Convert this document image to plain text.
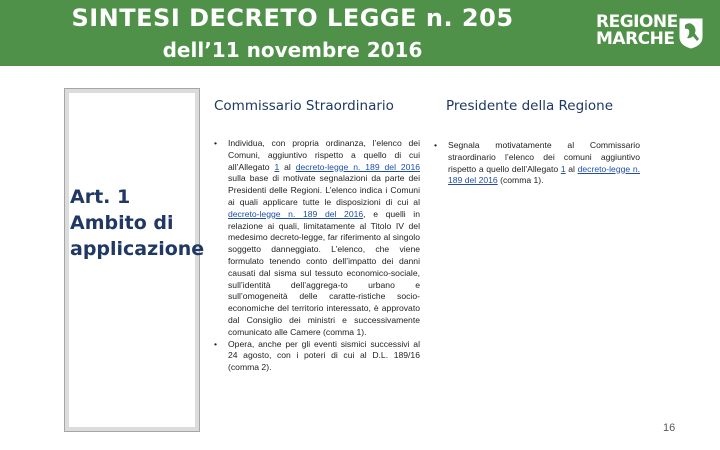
SINTESI DECRETO LEGGE n. 205
dell’11 novembre 2016
REGIONE
MARCHE
Art. 1
Ambito di
applicazione
Commissario Straordinario	Presidente della Regione
• Individua, con propria ordinanza, l’elenco dei Comuni, aggiuntivo rispetto a quello di cui all’Allegato 1 al decreto-legge n. 189 del 2016 sulla base di motivate segnalazioni da parte dei Presidenti delle Regioni. L’elenco indica i Comuni ai quali applicare tutte le disposizioni di cui al decreto-legge n. 189 del 2016, e quelli in relazione ai quali, limitatamente al Titolo IV del medesimo decreto-legge, far riferimento al singolo soggetto danneggiato. L’elenco, che viene formulato tenendo conto dell’impatto dei danni causati dal sisma sul tessuto economico-sociale, sull’identità dell’aggrega-to urbano e sull’omogeneità delle caratte-ristiche socio-economiche del territorio interessato, è approvato dal Consiglio dei ministri e successivamente comunicato alle Camere (comma 1).
• Opera, anche per gli eventi sismici successivi al 24 agosto, con i poteri di cui al D.L. 189/16 (comma 2).
• Segnala motivatamente al Commissario straordinario l’elenco dei comuni aggiuntivo rispetto a quello dell’Allegato 1 al decreto-legge n. 189 del 2016 (comma 1).
16
